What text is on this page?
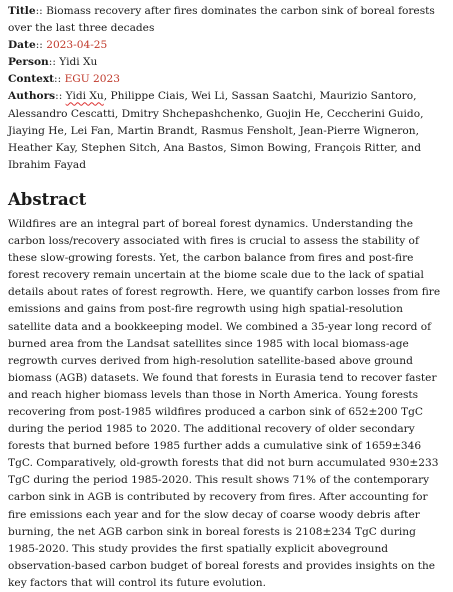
Title:: Biomass recovery after fires dominates the carbon sink of boreal forests over the last three decades

Date:: 2023-04-25

Person:: Yidi Xu

Context:: EGU 2023

Authors:: Yidi Xu, Philippe Ciais, Wei Li, Sassan Saatchi, Maurizio Santoro, Alessandro Cescatti, Dmitry Shchepashchenko, Guojin He, Ceccherini Guido, Jiaying He, Lei Fan, Martin Brandt, Rasmus Fensholt, Jean-Pierre Wigneron, Heather Kay, Stephen Sitch, Ana Bastos, Simon Bowing, François Ritter, and Ibrahim Fayad

Abstract

Wildfires are an integral part of boreal forest dynamics. Understanding the carbon loss/recovery associated with fires is crucial to assess the stability of these slow-growing forests. Yet, the carbon balance from fires and post-fire forest recovery remain uncertain at the biome scale due to the lack of spatial details about rates of forest regrowth. Here, we quantify carbon losses from fire emissions and gains from post-fire regrowth using high spatial-resolution satellite data and a bookkeeping model. We combined a 35-year long record of burned area from the Landsat satellites since 1985 with local biomass-age regrowth curves derived from high-resolution satellite-based above ground biomass (AGB) datasets. We found that forests in Eurasia tend to recover faster and reach higher biomass levels than those in North America. Young forests recovering from post-1985 wildfires produced a carbon sink of 652±200 TgC during the period 1985 to 2020. The additional recovery of older secondary forests that burned before 1985 further adds a cumulative sink of 1659±346 TgC. Comparatively, old-growth forests that did not burn accumulated 930±233 TgC during the period 1985-2020. This result shows 71% of the contemporary carbon sink in AGB is contributed by recovery from fires. After accounting for fire emissions each year and for the slow decay of coarse woody debris after burning, the net AGB carbon sink in boreal forests is 2108±234 TgC during 1985-2020. This study provides the first spatially explicit aboveground observation-based carbon budget of boreal forests and provides insights on the key factors that will control its future evolution.
